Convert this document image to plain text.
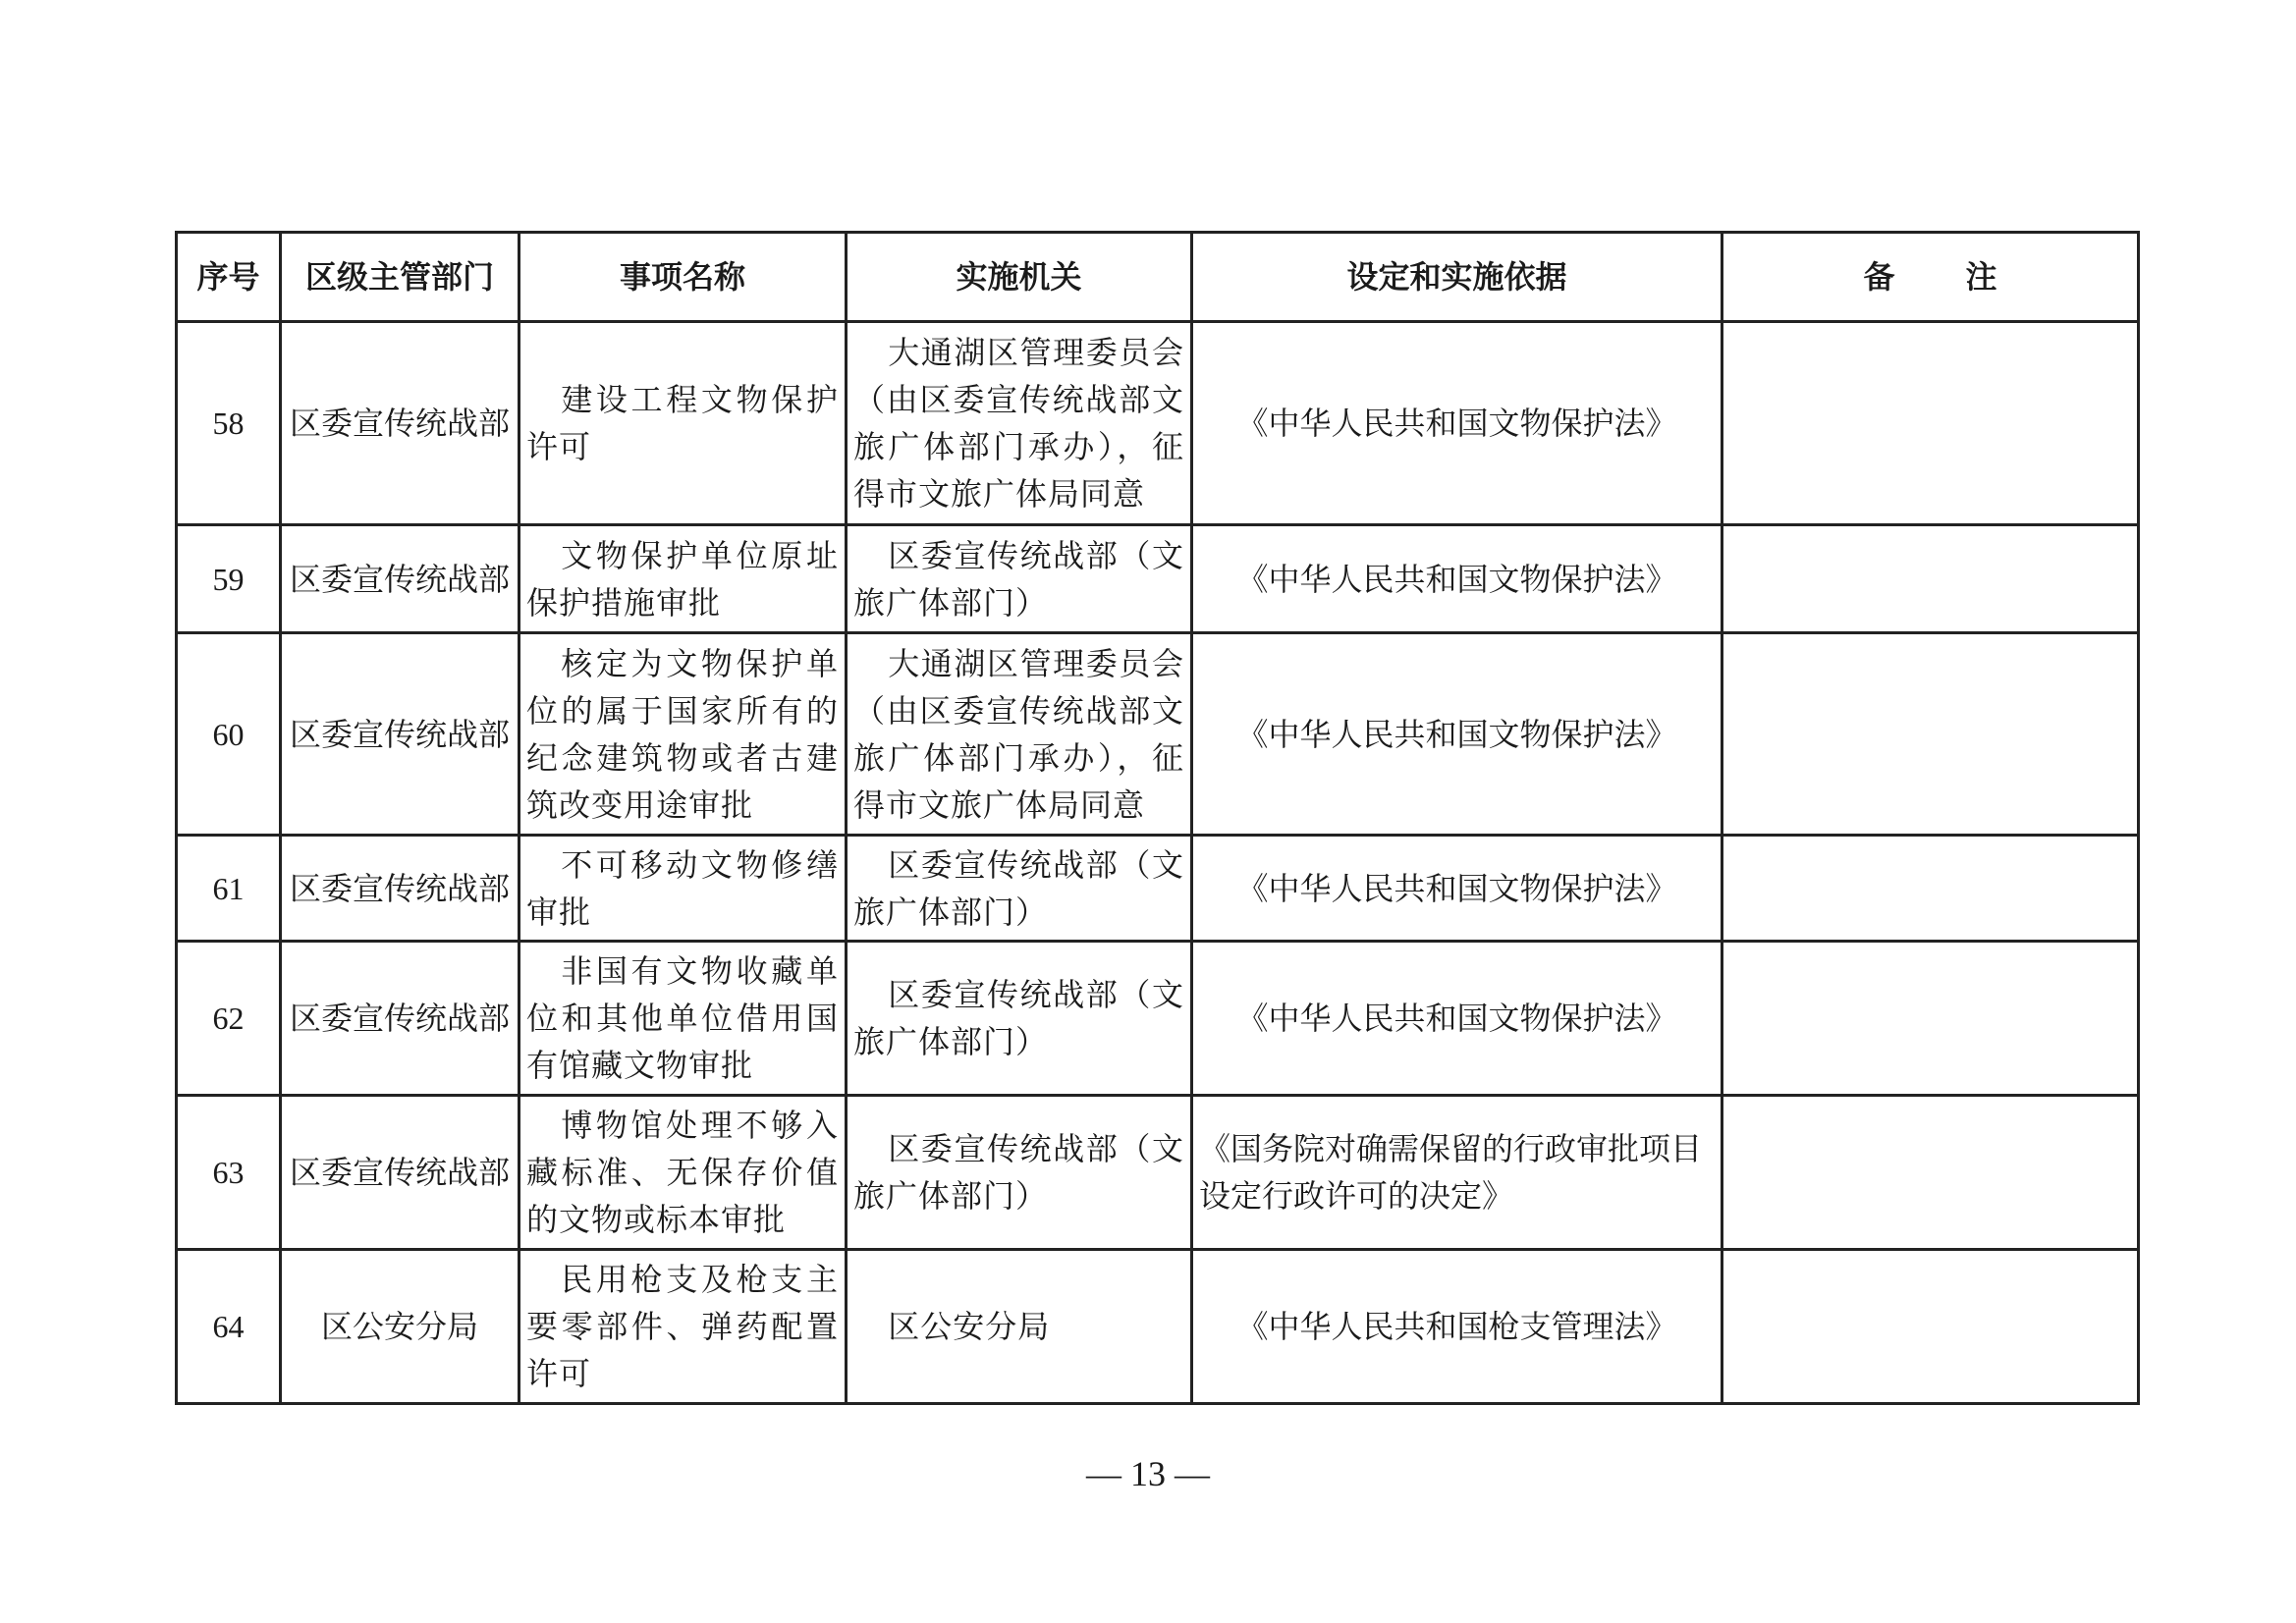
序号	区级主管部门	事项名称	实施机关	设定和实施依据	备注
58	区委宣传统战部	建设工程文物保护许可	大通湖区管理委员会（由区委宣传统战部文旅广体部门承办），征得市文旅广体局同意	《中华人民共和国文物保护法》	
59	区委宣传统战部	文物保护单位原址保护措施审批	区委宣传统战部（文旅广体部门）	《中华人民共和国文物保护法》	
60	区委宣传统战部	核定为文物保护单位的属于国家所有的纪念建筑物或者古建筑改变用途审批	大通湖区管理委员会（由区委宣传统战部文旅广体部门承办），征得市文旅广体局同意	《中华人民共和国文物保护法》	
61	区委宣传统战部	不可移动文物修缮审批	区委宣传统战部（文旅广体部门）	《中华人民共和国文物保护法》	
62	区委宣传统战部	非国有文物收藏单位和其他单位借用国有馆藏文物审批	区委宣传统战部（文旅广体部门）	《中华人民共和国文物保护法》	
63	区委宣传统战部	博物馆处理不够入藏标准、无保存价值的文物或标本审批	区委宣传统战部（文旅广体部门）	《国务院对确需保留的行政审批项目设定行政许可的决定》	
64	区公安分局	民用枪支及枪支主要零部件、弹药配置许可	区公安分局	《中华人民共和国枪支管理法》	
— 13 —
